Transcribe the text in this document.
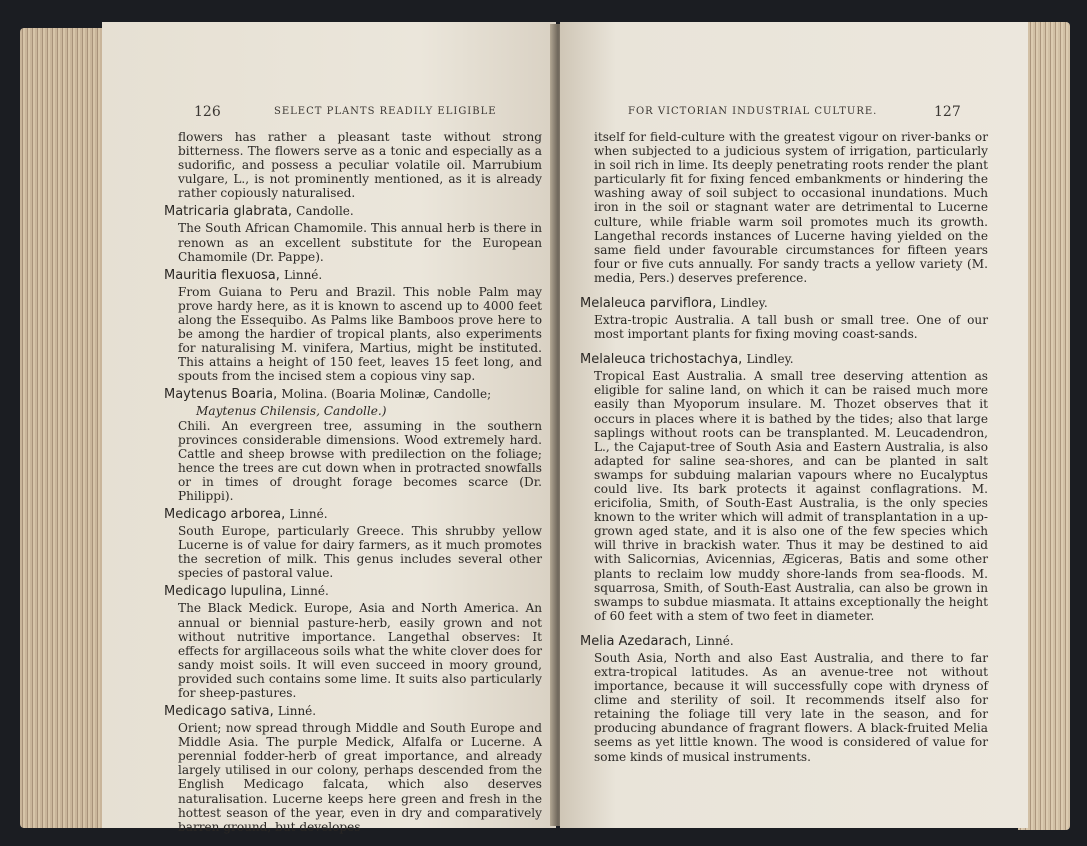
126	SELECT PLANTS READILY ELIGIBLE
flowers has rather a pleasant taste without strong bitterness. The flowers serve as a tonic and especially as a sudorific, and possess a peculiar volatile oil. Marrubium vulgare, L., is not prominently mentioned, as it is already rather copiously naturalised.
Matricaria glabrata, Candolle.
The South African Chamomile. This annual herb is there in renown as an excellent substitute for the European Chamomile (Dr. Pappe).
Mauritia flexuosa, Linné.
From Guiana to Peru and Brazil. This noble Palm may prove hardy here, as it is known to ascend up to 4000 feet along the Essequibo. As Palms like Bamboos prove here to be among the hardier of tropical plants, also experiments for naturalising M. vinifera, Martius, might be instituted. This attains a height of 150 feet, leaves 15 feet long, and spouts from the incised stem a copious viny sap.
Maytenus Boaria, Molina. (Boaria Molinæ, Candolle;
Maytenus Chilensis, Candolle.)
Chili. An evergreen tree, assuming in the southern provinces considerable dimensions. Wood extremely hard. Cattle and sheep browse with predilection on the foliage; hence the trees are cut down when in protracted snowfalls or in times of drought forage becomes scarce (Dr. Philippi).
Medicago arborea, Linné.
South Europe, particularly Greece. This shrubby yellow Lucerne is of value for dairy farmers, as it much promotes the secretion of milk. This genus includes several other species of pastoral value.
Medicago lupulina, Linné.
The Black Medick. Europe, Asia and North America. An annual or biennial pasture-herb, easily grown and not without nutritive importance. Langethal observes: It effects for argillaceous soils what the white clover does for sandy moist soils. It will even succeed in moory ground, provided such contains some lime. It suits also particularly for sheep-pastures.
Medicago sativa, Linné.
Orient; now spread through Middle and South Europe and Middle Asia. The purple Medick, Alfalfa or Lucerne. A perennial fodder-herb of great importance, and already largely utilised in our colony, perhaps descended from the English Medicago falcata, which also deserves naturalisation. Lucerne keeps here green and fresh in the hottest season of the year, even in dry and comparatively barren ground, but developes
FOR VICTORIAN INDUSTRIAL CULTURE.	127
itself for field-culture with the greatest vigour on river-banks or when subjected to a judicious system of irrigation, particularly in soil rich in lime. Its deeply penetrating roots render the plant particularly fit for fixing fenced embankments or hindering the washing away of soil subject to occasional inundations. Much iron in the soil or stagnant water are detrimental to Lucerne culture, while friable warm soil promotes much its growth. Langethal records instances of Lucerne having yielded on the same field under favourable circumstances for fifteen years four or five cuts annually. For sandy tracts a yellow variety (M. media, Pers.) deserves preference.
Melaleuca parviflora, Lindley.
Extra-tropic Australia. A tall bush or small tree. One of our most important plants for fixing moving coast-sands.
Melaleuca trichostachya, Lindley.
Tropical East Australia. A small tree deserving attention as eligible for saline land, on which it can be raised much more easily than Myoporum insulare. M. Thozet observes that it occurs in places where it is bathed by the tides; also that large saplings without roots can be transplanted. M. Leucadendron, L., the Cajaput-tree of South Asia and Eastern Australia, is also adapted for saline sea-shores, and can be planted in salt swamps for subduing malarian vapours where no Eucalyptus could live. Its bark protects it against conflagrations. M. ericifolia, Smith, of South-East Australia, is the only species known to the writer which will admit of transplantation in a up-grown aged state, and it is also one of the few species which will thrive in brackish water. Thus it may be destined to aid with Salicornias, Avicennias, Ægiceras, Batis and some other plants to reclaim low muddy shore-lands from sea-floods. M. squarrosa, Smith, of South-East Australia, can also be grown in swamps to subdue miasmata. It attains exceptionally the height of 60 feet with a stem of two feet in diameter.
Melia Azedarach, Linné.
South Asia, North and also East Australia, and there to far extra-tropical latitudes. As an avenue-tree not without importance, because it will successfully cope with dryness of clime and sterility of soil. It recommends itself also for retaining the foliage till very late in the season, and for producing abundance of fragrant flowers. A black-fruited Melia seems as yet little known. The wood is considered of value for some kinds of musical instruments.
